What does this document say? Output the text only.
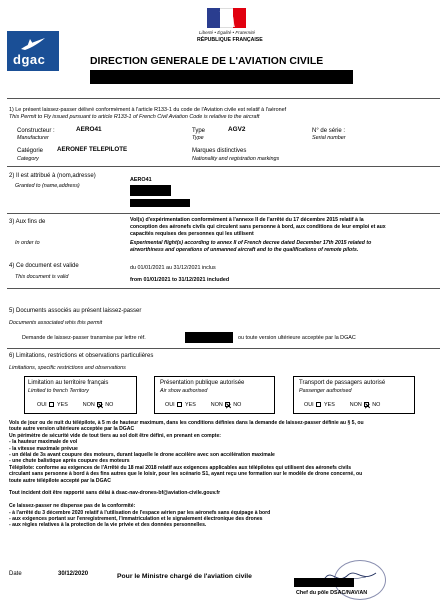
dgac
Liberté • Égalité • Fraternité
RÉPUBLIQUE FRANÇAISE
DIRECTION GENERALE DE L'AVIATION CIVILE
1) Le présent laissez-passer délivré conformément à l'article R133-1 du code de l'Aviation civile est relatif à l'aéronef
This Permit to Fly issued pursuant to article R133-1 of French Civil Aviation Code is relative to the aircraft
Constructeur :	AERO41
Manufacturer
Type	AGV2
Type
N° de série :
Serial number
Catégorie AERONEF TELEPILOTE
Category
Marques distinctives
Nationality and registration markings
2) Il est attribué à (nom,adresse)
Granted to (name,address)
AERO41
3) Aux fins de
In order to
Vol(s) d'expérimentation conformément à l'annexe II de l'arrêté du 17 décembre 2015 relatif à la
conception des aéronefs civils qui circulent sans personne à bord, aux conditions de leur emploi et aux
capacités requises des personnes qui les utilisent
Experimental flight(s) according to annex II of French decree dated December 17th 2015 related to
airworthiness and operations of unmanned aircraft and to the qualifications of remote pilots.
4) Ce document est valide
This document is valid
du 01/01/2021 au 31/12/2021 inclus
from 01/01/2021 to 31/12/2021 included
5) Documents associés au présent laissez-passer
Documents associated whis this permit
Demande de laissez-passer transmise par lettre réf.	ou toute version ultérieure acceptée par la DGAC
6) Limitations, restrictions et observations particulières
Limitations, specific restrictions and observations
Limitation au territoire français
Limited to french Territory
OUI YES	NON NO
Présentation publique autorisée
Air show authorised
OUI YES	NON NO
Transport de passagers autorisé
Passenger authorised
OUI YES	NON NO
Vols de jour ou de nuit du télépilote, à 5 m de hauteur maximum, dans les conditions définies dans la demande de laissez-passer définie au § 5, ou
toute autre version ultérieure acceptée par la DGAC
Un périmètre de sécurité vide de tout tiers au sol doit être défini, en prenant en compte:
- la hauteur maximale de vol
- la vitesse maximale prévue
- un délai de 3s avant coupure des moteurs, durant laquelle le drone accélère avec son accélération maximale
- une chute balistique après coupure des moteurs
Télépilote: conforme au exigences de l'Arrêté du 18 mai 2018 relatif aux exigences applicables aux télépilotes qui utilisent des aéronefs civils
circulant sans personne à bord à des fins autres que le loisir, pour les scénario S1, ayant reçu une formation sur le modèle de drone concerné, ou
toute autre télépilote accepté par la DGAC
Tout incident doit être rapporté sans délai à dsac-nav-drones-bf@aviation-civile.gouv.fr
Ce laissez-passer ne dispense pas de la conformité:
- à l'arrêté du 3 décembre 2020 relatif à l'utilisation de l'espace aérien par les aéronefs sans équipage à bord
- aux exigences portant sur l'enregistrement, l'immatriculation et le signalement électronique des drones
- aux règles relatives à la protection de la vie privée et des données personnelles.
Date	30/12/2020	Pour le Ministre chargé de l'aviation civile
Chef du pôle DSAC/NAV/AN
